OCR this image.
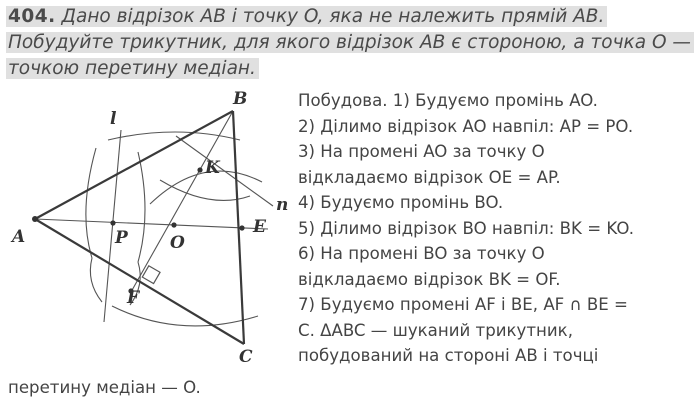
404. Дано відрізок AB і точку O, яка не належить прямій AB.
Побудуйте трикутник, для якого відрізок AB є стороною, а точка O —
точкою перетину медіан.
A
B
C
E
F
K
O
P
l
n
Побудова. 1) Будуємо промінь AO.
2) Ділимо відрізок AO навпіл: AP = PO.
3) На промені AO за точку O
відкладаємо відрізок OE = AP.
4) Будуємо промінь BO.
5) Ділимо відрізок BO навпіл: BK = KO.
6) На промені BO за точку O
відкладаємо відрізок BK = OF.
7) Будуємо промені AF і BE, AF ∩ BE =
C. ΔABC — шуканий трикутник,
побудований на стороні AB і точці
перетину медіан — O.
